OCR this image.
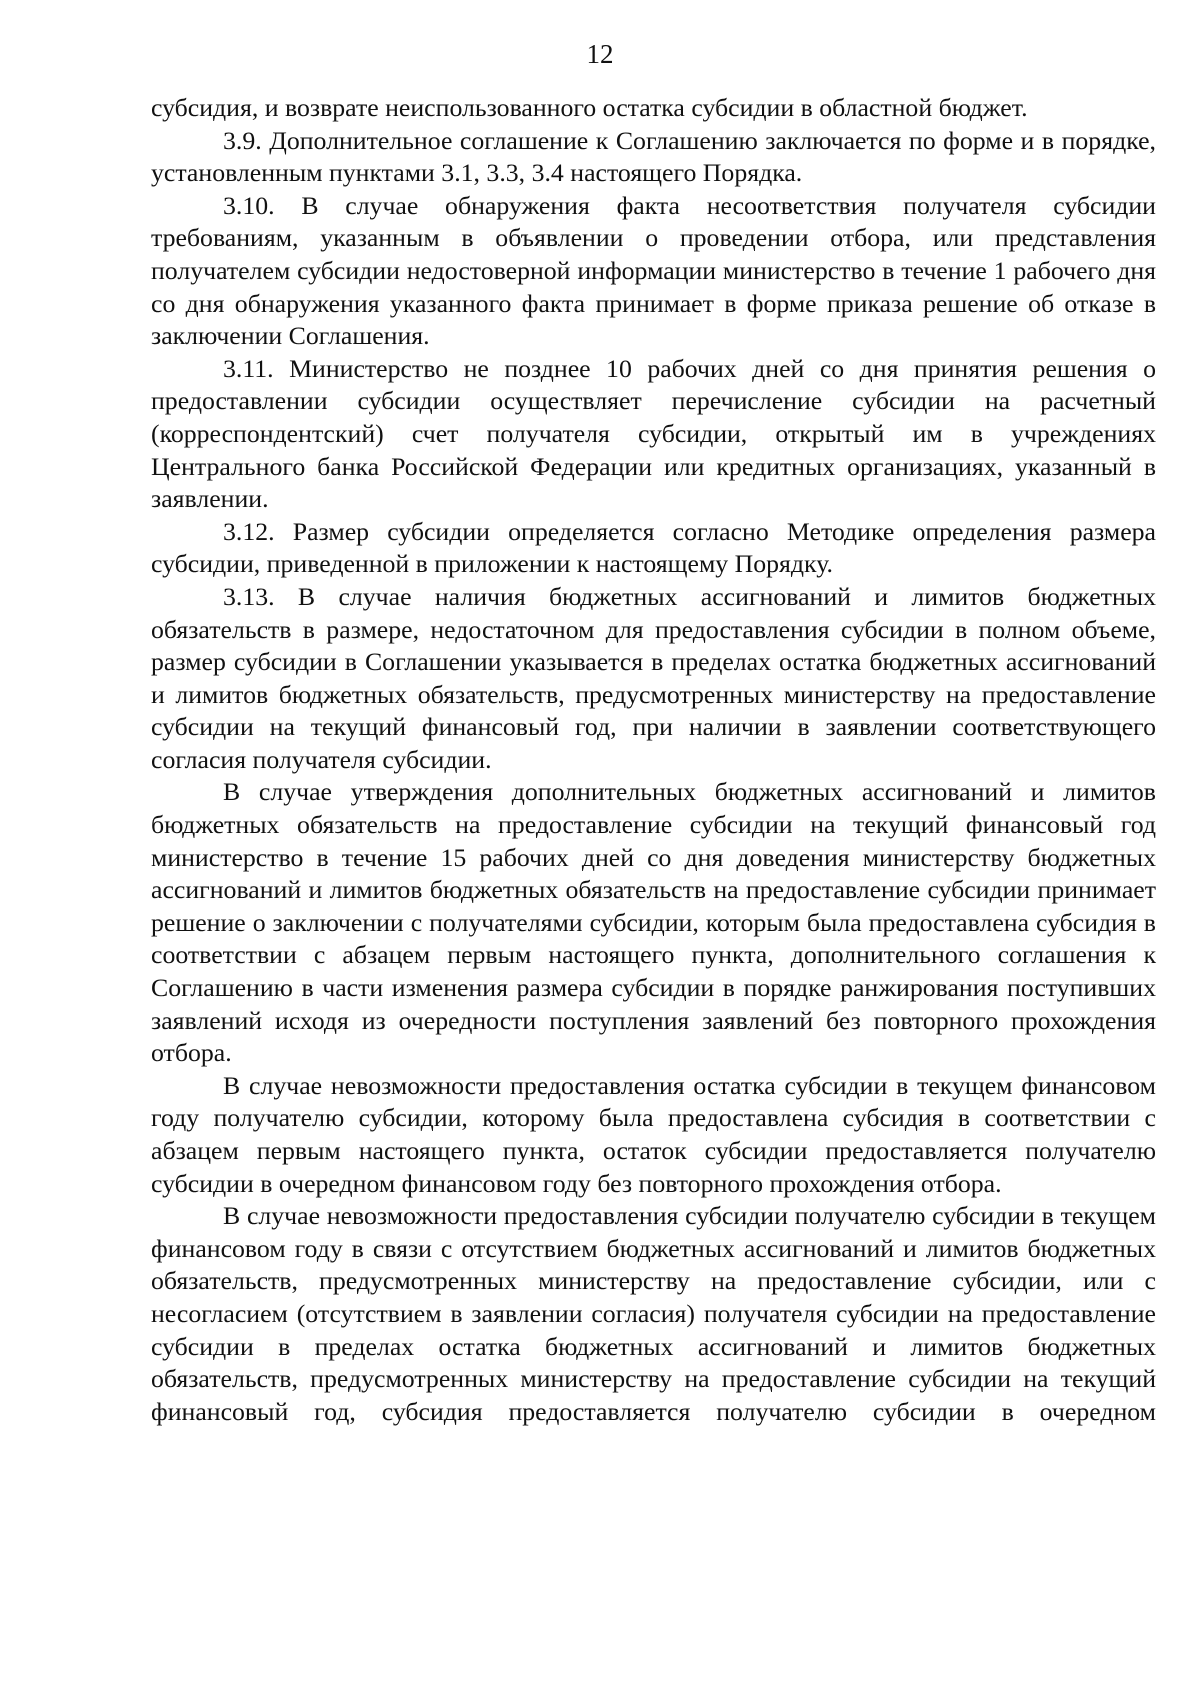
12

субсидия, и возврате неиспользованного остатка субсидии в областной бюджет.

3.9. Дополнительное соглашение к Соглашению заключается по форме и в порядке, установленным пунктами 3.1, 3.3, 3.4 настоящего Порядка.

3.10. В случае обнаружения факта несоответствия получателя субсидии требованиям, указанным в объявлении о проведении отбора, или представления получателем субсидии недостоверной информации министерство в течение 1 рабочего дня со дня обнаружения указанного факта принимает в форме приказа решение об отказе в заключении Соглашения.

3.11. Министерство не позднее 10 рабочих дней со дня принятия решения о предоставлении субсидии осуществляет перечисление субсидии на расчетный (корреспондентский) счет получателя субсидии, открытый им в учреждениях Центрального банка Российской Федерации или кредитных организациях, указанный в заявлении.

3.12. Размер субсидии определяется согласно Методике определения размера субсидии, приведенной в приложении к настоящему Порядку.

3.13. В случае наличия бюджетных ассигнований и лимитов бюджетных обязательств в размере, недостаточном для предоставления субсидии в полном объеме, размер субсидии в Соглашении указывается в пределах остатка бюджетных ассигнований и лимитов бюджетных обязательств, предусмотренных министерству на предоставление субсидии на текущий финансовый год, при наличии в заявлении соответствующего согласия получателя субсидии.

В случае утверждения дополнительных бюджетных ассигнований и лимитов бюджетных обязательств на предоставление субсидии на текущий финансовый год министерство в течение 15 рабочих дней со дня доведения министерству бюджетных ассигнований и лимитов бюджетных обязательств на предоставление субсидии принимает решение о заключении с получателями субсидии, которым была предоставлена субсидия в соответствии с абзацем первым настоящего пункта, дополнительного соглашения к Соглашению в части изменения размера субсидии в порядке ранжирования поступивших заявлений исходя из очередности поступления заявлений без повторного прохождения отбора.

В случае невозможности предоставления остатка субсидии в текущем финансовом году получателю субсидии, которому была предоставлена субсидия в соответствии с абзацем первым настоящего пункта, остаток субсидии предоставляется получателю субсидии в очередном финансовом году без повторного прохождения отбора.

В случае невозможности предоставления субсидии получателю субсидии в текущем финансовом году в связи с отсутствием бюджетных ассигнований и лимитов бюджетных обязательств, предусмотренных министерству на предоставление субсидии, или с несогласием (отсутствием в заявлении согласия) получателя субсидии на предоставление субсидии в пределах остатка бюджетных ассигнований и лимитов бюджетных обязательств, предусмотренных министерству на предоставление субсидии на текущий финансовый год, субсидия предоставляется получателю субсидии в очередном
